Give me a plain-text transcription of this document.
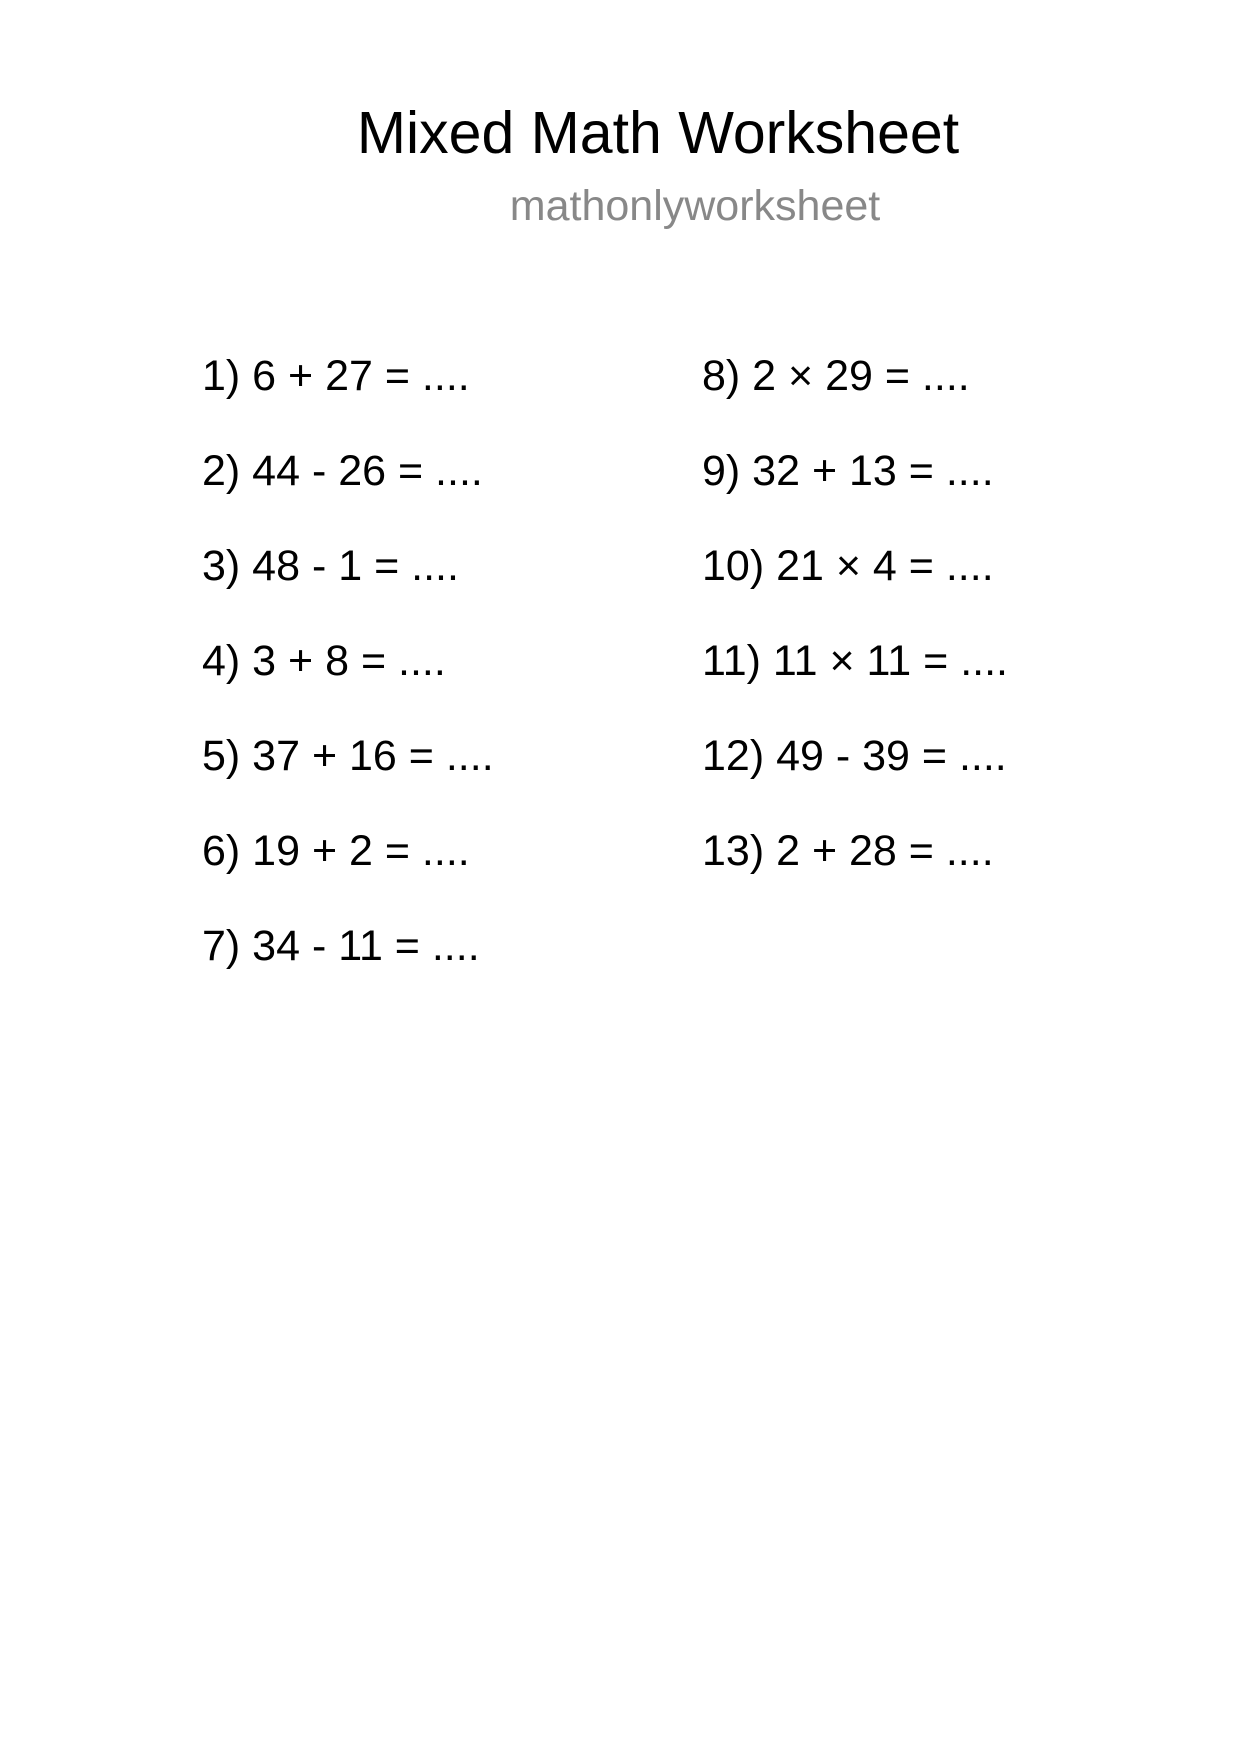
Mixed Math Worksheet
mathonlyworksheet
1) 6 + 27 = ....
2) 44 - 26 = ....
3) 48 - 1 = ....
4) 3 + 8 = ....
5) 37 + 16 = ....
6) 19 + 2 = ....
7) 34 - 11 = ....
8) 2 × 29 = ....
9) 32 + 13 = ....
10) 21 × 4 = ....
11) 11 × 11 = ....
12) 49 - 39 = ....
13) 2 + 28 = ....
